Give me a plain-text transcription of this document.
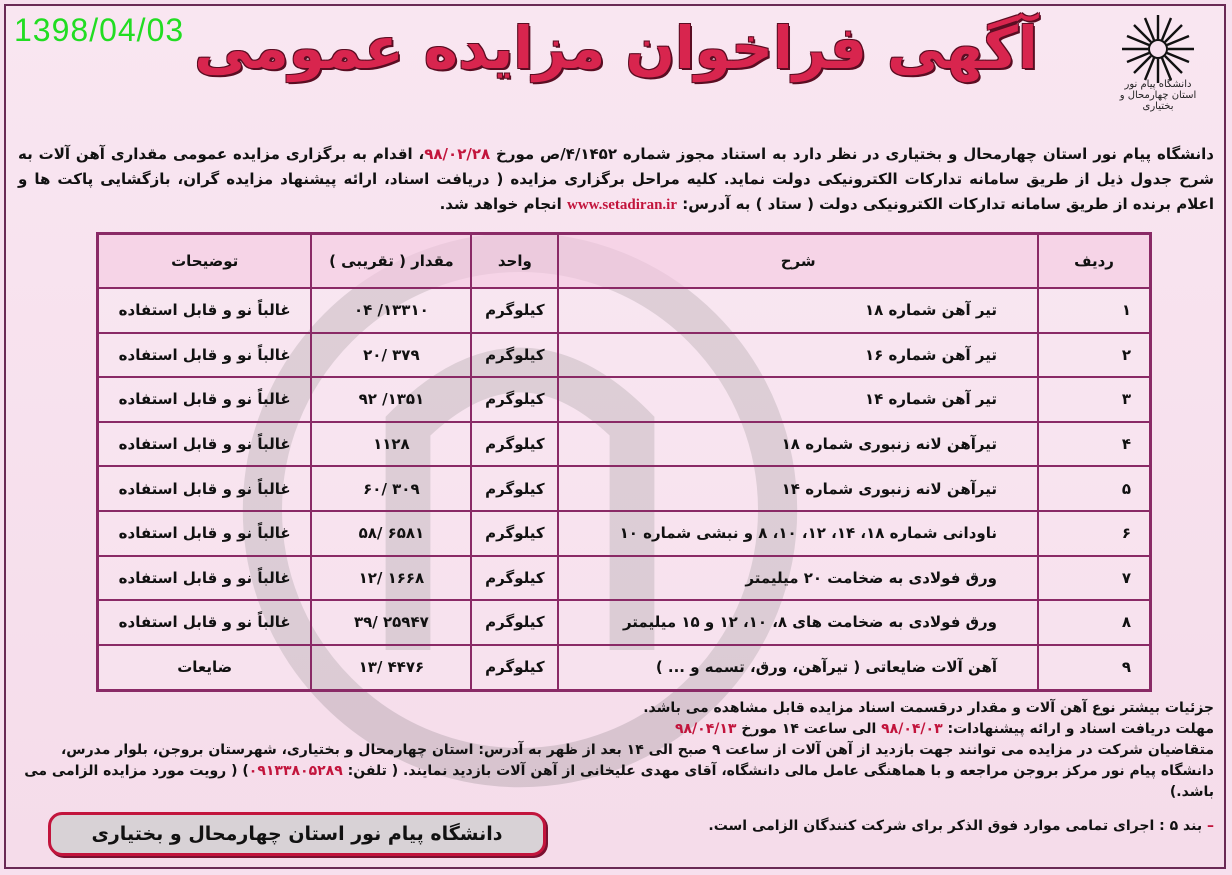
1398/04/03
دانشگاه پیام نور
استان چهارمحال و بختیاری
آگهی فراخوان مزایده عمومی
دانشگاه پیام نور استان چهارمحال و بختیاری در نظر دارد به استناد مجوز شماره ۴/۱۴۵۲/ص مورخ ۹۸/۰۲/۲۸، اقدام به برگزاری مزایده عمومی مقداری آهن آلات به شرح جدول ذیل از طریق سامانه تدارکات الکترونیکی دولت نماید. کلیه مراحل برگزاری مزایده ( دریافت اسناد، ارائه پیشنهاد مزایده گران، بازگشایی پاکت ها و اعلام برنده از طریق سامانه تدارکات الکترونیکی دولت ( ستاد ) به آدرس: www.setadiran.ir انجام خواهد شد.
ردیف	شرح	واحد	مقدار ( تقریبی )	توضیحات
۱	تیر آهن شماره ۱۸	کیلوگرم	۱۳۳۱۰/ ۰۴	غالباً نو و قابل استفاده
۲	تیر آهن شماره ۱۶	کیلوگرم	۳۷۹ /۲۰	غالباً نو و قابل استفاده
۳	تیر آهن شماره ۱۴	کیلوگرم	۱۳۵۱/ ۹۲	غالباً نو و قابل استفاده
۴	تیرآهن لانه زنبوری شماره ۱۸	کیلوگرم	۱۱۲۸	غالباً نو و قابل استفاده
۵	تیرآهن لانه زنبوری شماره ۱۴	کیلوگرم	۳۰۹ /۶۰	غالباً نو و قابل استفاده
۶	ناودانی شماره ۱۸، ۱۴، ۱۲، ۱۰، ۸ و نبشی شماره ۱۰	کیلوگرم	۶۵۸۱ /۵۸	غالباً نو و قابل استفاده
۷	ورق فولادی به ضخامت ۲۰ میلیمتر	کیلوگرم	۱۶۶۸ /۱۲	غالباً نو و قابل استفاده
۸	ورق فولادی به ضخامت های ۸، ۱۰، ۱۲ و ۱۵ میلیمتر	کیلوگرم	۲۵۹۴۷ /۳۹	غالباً نو و قابل استفاده
۹	آهن آلات ضایعاتی ( تیرآهن، ورق، تسمه و ... )	کیلوگرم	۴۴۷۶ /۱۳	ضایعات
جزئیات بیشتر نوع آهن آلات و مقدار درقسمت اسناد مزایده قابل مشاهده می باشد.
مهلت دریافت اسناد و ارائه پیشنهادات: ۹۸/۰۴/۰۳ الی ساعت ۱۴ مورخ ۹۸/۰۴/۱۳
متقاضیان شرکت در مزایده می توانند جهت بازدید از آهن آلات از ساعت ۹ صبح الی ۱۴ بعد از ظهر به آدرس: استان چهارمحال و بختیاری، شهرستان بروجن، بلوار مدرس، دانشگاه پیام نور مرکز بروجن مراجعه و با هماهنگی عامل مالی دانشگاه، آقای مهدی علیخانی از آهن آلات بازدید نمایند. ( تلفن: ۰۹۱۳۳۸۰۵۲۸۹) ( رویت مورد مزایده الزامی می باشد.)
– بند ۵ : اجرای تمامی موارد فوق الذکر برای شرکت کنندگان الزامی است.
دانشگاه پیام نور استان چهارمحال و بختیاری
